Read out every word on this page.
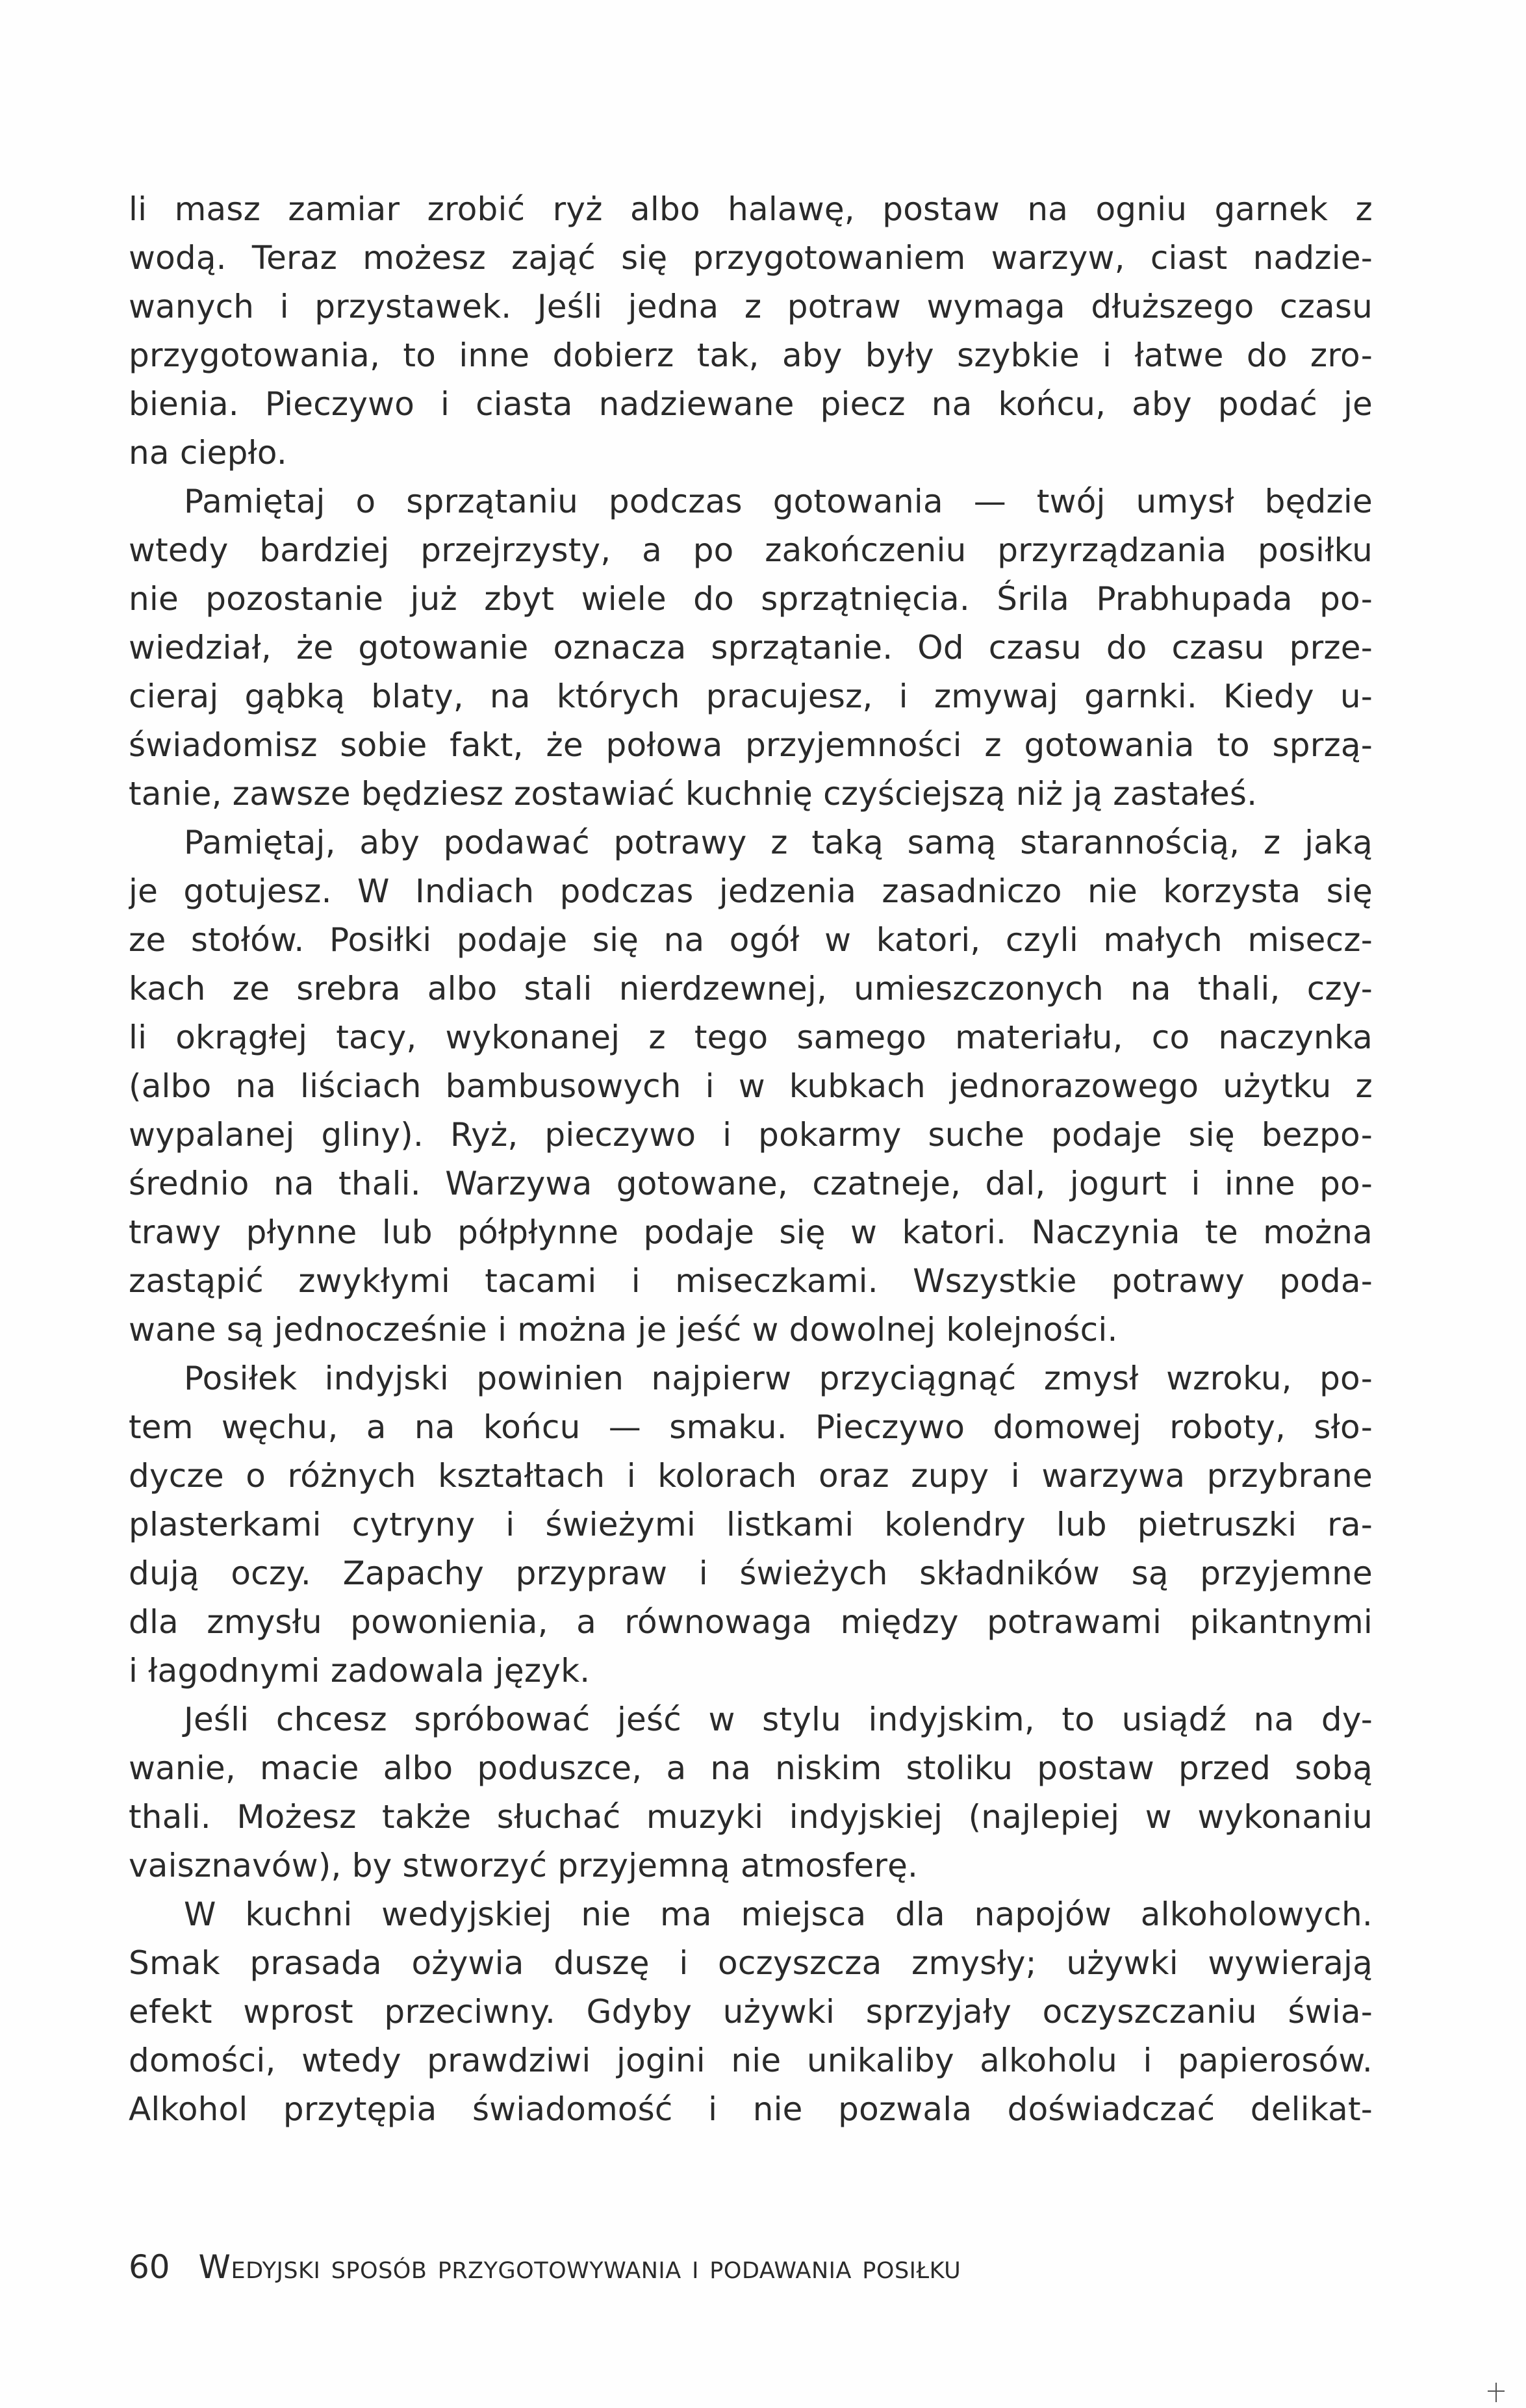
li masz zamiar zrobić ryż albo halawę, postaw na ogniu garnek z
wodą. Teraz możesz zająć się przygotowaniem warzyw, ciast nadzie-
wanych i przystawek. Jeśli jedna z potraw wymaga dłuższego czasu
przygotowania, to inne dobierz tak, aby były szybkie i łatwe do zro-
bienia. Pieczywo i ciasta nadziewane piecz na końcu, aby podać je
na ciepło.
Pamiętaj o sprzątaniu podczas gotowania — twój umysł będzie
wtedy bardziej przejrzysty, a po zakończeniu przyrządzania posiłku
nie pozostanie już zbyt wiele do sprzątnięcia. Śrila Prabhupada po-
wiedział, że gotowanie oznacza sprzątanie. Od czasu do czasu prze-
cieraj gąbką blaty, na których pracujesz, i zmywaj garnki. Kiedy u-
świadomisz sobie fakt, że połowa przyjemności z gotowania to sprzą-
tanie, zawsze będziesz zostawiać kuchnię czyściejszą niż ją zastałeś.
Pamiętaj, aby podawać potrawy z taką samą starannością, z jaką
je gotujesz. W Indiach podczas jedzenia zasadniczo nie korzysta się
ze stołów. Posiłki podaje się na ogół w katori, czyli małych misecz-
kach ze srebra albo stali nierdzewnej, umieszczonych na thali, czy-
li okrągłej tacy, wykonanej z tego samego materiału, co naczynka
(albo na liściach bambusowych i w kubkach jednorazowego użytku z
wypalanej gliny). Ryż, pieczywo i pokarmy suche podaje się bezpo-
średnio na thali. Warzywa gotowane, czatneje, dal, jogurt i inne po-
trawy płynne lub półpłynne podaje się w katori. Naczynia te można
zastąpić zwykłymi tacami i miseczkami. Wszystkie potrawy poda-
wane są jednocześnie i można je jeść w dowolnej kolejności.
Posiłek indyjski powinien najpierw przyciągnąć zmysł wzroku, po-
tem węchu, a na końcu — smaku. Pieczywo domowej roboty, sło-
dycze o różnych kształtach i kolorach oraz zupy i warzywa przybrane
plasterkami cytryny i świeżymi listkami kolendry lub pietruszki ra-
dują oczy. Zapachy przypraw i świeżych składników są przyjemne
dla zmysłu powonienia, a równowaga między potrawami pikantnymi
i łagodnymi zadowala język.
Jeśli chcesz spróbować jeść w stylu indyjskim, to usiądź na dy-
wanie, macie albo poduszce, a na niskim stoliku postaw przed sobą
thali. Możesz także słuchać muzyki indyjskiej (najlepiej w wykonaniu
vaisznavów), by stworzyć przyjemną atmosferę.
W kuchni wedyjskiej nie ma miejsca dla napojów alkoholowych.
Smak prasada ożywia duszę i oczyszcza zmysły; używki wywierają
efekt wprost przeciwny. Gdyby używki sprzyjały oczyszczaniu świa-
domości, wtedy prawdziwi jogini nie unikaliby alkoholu i papierosów.
Alkohol przytępia świadomość i nie pozwala doświadczać delikat-
60 Wedyjski sposób przygotowywania i podawania posiłku
